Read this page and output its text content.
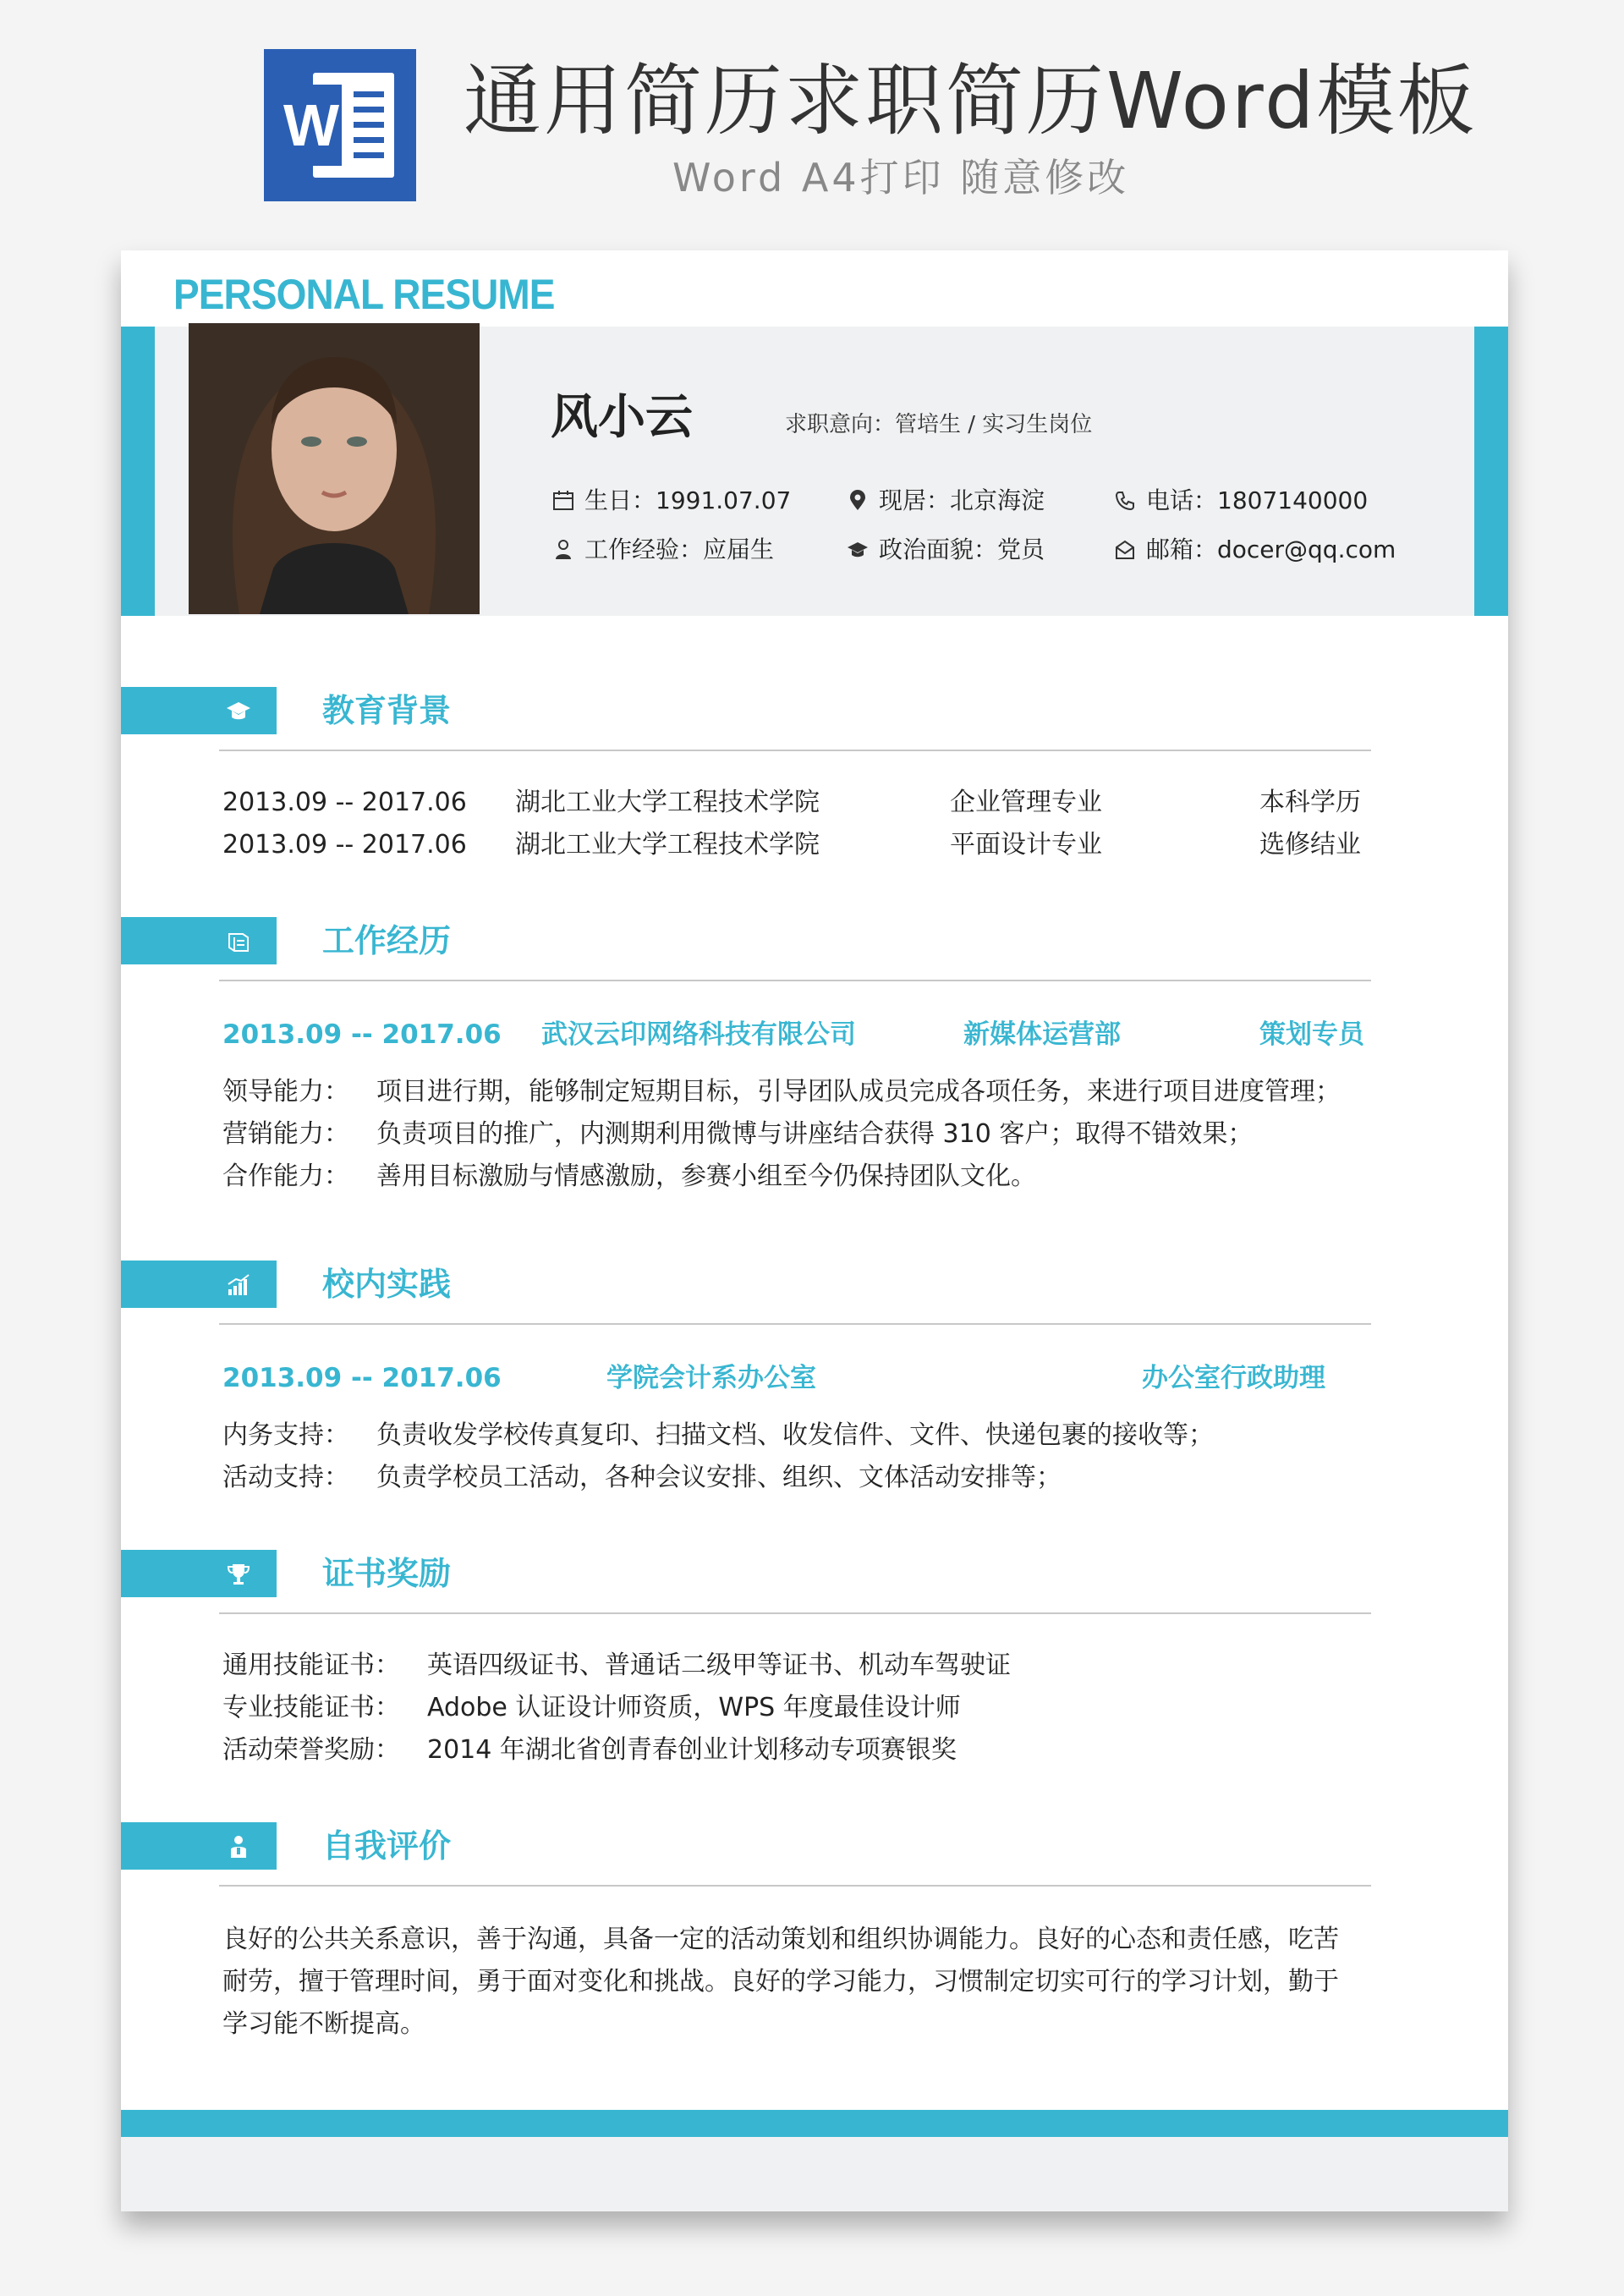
W 通用简历求职简历Word模板
Word A4打印 随意修改
PERSONAL RESUME
风小云	求职意向：管培生 / 实习生岗位
生日：1991.07.07	现居：北京海淀	电话：1807140000
工作经验：应届生	政治面貌：党员	邮箱：docer@qq.com
教育背景
2013.09 -- 2017.06 湖北工业大学工程技术学院	企业管理专业	本科学历
2013.09 -- 2017.06 湖北工业大学工程技术学院	平面设计专业	选修结业
工作经历
2013.09 -- 2017.06 武汉云印网络科技有限公司	新媒体运营部	策划专员
领导能力： 项目进行期，能够制定短期目标，引导团队成员完成各项任务，来进行项目进度管理；
营销能力： 负责项目的推广，内测期利用微博与讲座结合获得 310 客户；取得不错效果；
合作能力： 善用目标激励与情感激励，参赛小组至今仍保持团队文化。
校内实践
2013.09 -- 2017.06	学院会计系办公室	办公室行政助理
内务支持： 负责收发学校传真复印、扫描文档、收发信件、文件、快递包裹的接收等；
活动支持： 负责学校员工活动，各种会议安排、组织、文体活动安排等；
证书奖励
通用技能证书： 英语四级证书、普通话二级甲等证书、机动车驾驶证
专业技能证书： Adobe 认证设计师资质，WPS 年度最佳设计师
活动荣誉奖励： 2014 年湖北省创青春创业计划移动专项赛银奖
自我评价
良好的公共关系意识，善于沟通，具备一定的活动策划和组织协调能力。良好的心态和责任感，吃苦耐劳，擅于管理时间，勇于面对变化和挑战。良好的学习能力，习惯制定切实可行的学习计划，勤于学习能不断提高。
